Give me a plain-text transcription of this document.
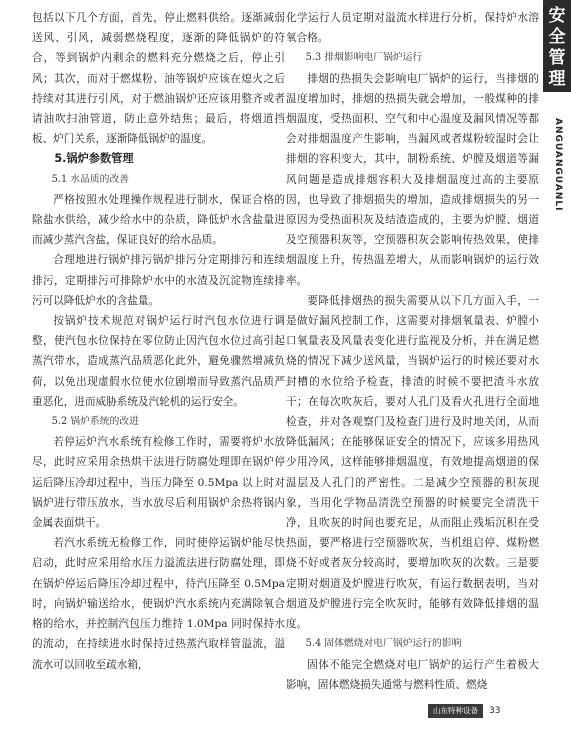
包括以下几个方面，首先，停止燃料供给。逐渐减弱送风、引风，减弱燃烧程度，逐渐的降低锅炉的符合，等到锅炉内剩余的燃料充分燃烧之后，停止引风；其次，而对于燃煤粉、油等锅炉应该在熄火之后持续对其进行引风，对于燃油锅炉还应该用整齐或者请油吹扫油管道，防止意外结焦；最后，将烟道挡板、炉门关系，逐渐降低锅炉的温度。

5.锅炉参数管理
5.1 水品质的改善

严格按照水处理操作规程进行制水，保证合格的除盐水供给，减少给水中的杂质，降低炉水含盐量进而减少蒸汽含盐，保证良好的给水品质。

合理地进行锅炉排污锅炉排污分定期排污和连续排污，定期排污可排除炉水中的水渣及沉淀物连续排污可以降低炉水的含盐量。

按锅炉技术规范对锅炉运行时汽包水位进行调整，使汽包水位保持在零位防止因汽包水位过高引起蒸汽带水，造成蒸汽品质恶化此外，避免骤然增减负荷，以免出现虚假水位使水位剧增而导致蒸汽品质严重恶化，进而威胁系统及汽轮机的运行安全。

5.2 锅炉系统的改进

若停运炉汽水系统有检修工作时，需要将炉水放尽，此时应采用余热烘干法进行防腐处理即在锅炉停运后降压冷却过程中，当压力降至 0.5Mpa 以上时对锅炉进行带压放水，当水放尽后利用锅炉余热将锅内金属表面烘干。

若汽水系统无检修工作，同时使停运锅炉能尽快启动，此时应采用给水压力溢流法进行防腐处理，即在锅炉停运后降压冷却过程中，待汽压降至 0.5Mpa 时，向锅炉输送给水，使锅炉汽水系统内充满除氧合格的给水，并控制汽包压力维持 1.0Mpa 同时保持水的流动，在持续进水时保持过热蒸汽取样管溢流，溢流水可以回收至疏水箱，

化学运行人员定期对溢流水样进行分析，保持炉水溶氧合格。

5.3 排烟影响电厂锅炉运行

排烟的热损失会影响电厂锅炉的运行，当排烟的温度增加时，排烟的热损失就会增加，一般煤种的排烟温度，受热面积、空气和中心温度及漏风情况等都会对排烟温度产生影响，当漏风或者煤粉较湿时会让排烟的容积变大，其中，制粉系统、炉膛及烟道等漏风问题是造成排烟容积大及排烟温度过高的主要原因，也导致了排烟损失的增加，造成排烟损失的另一原因为受热面积灰及结渣造成的，主要为炉膛、烟道及空预器积灰等，空预器积灰会影响传热效果，使排烟温度上升，传热温差增大，从而影响锅炉的运行效率。

要降低排烟热的损失需要从以下几方面入手，一是做好漏风控制工作，这需要对排烟氧量表、炉膛小口氧量表及风量表变化进行监视及分析，并在满足燃烧的情况下减少送风量，当锅炉运行的时候还要对水封槽的水位给予检查，排渣的时候不要把渣斗水放干；在每次吹灰后，要对人孔门及看火孔进行全面地检查，并对各观察门及检查门进行及时地关闭，从而降低漏风；在能够保证安全的情况下，应该多用热风少用冷风，这样能够排烟温度，有效地提高烟道的保温层及人孔门的严密性。二是减少空预器的积灰现象，当用化学物品清洗空预器的时候要完全清洗干净，且吹灰的时间也要充足，从而阻止残垢沉积在受热面，要严格进行空预器吹灰，当机组启停、煤粉燃烧不好或者灰分较高时，要增加吹灰的次数。三是要定期对烟道及炉膛进行吹灰，有运行数据表明，当对烟道及炉膛进行完全吹灰时，能够有效降低排烟的温度。

5.4 固体燃烧对电厂锅炉运行的影响

固体不能完全燃烧对电厂锅炉的运行产生着极大影响，固体燃烧损失通常与燃料性质、燃烧

安
全
管
理
ANGUANGUANLI
山东特种设备	33
